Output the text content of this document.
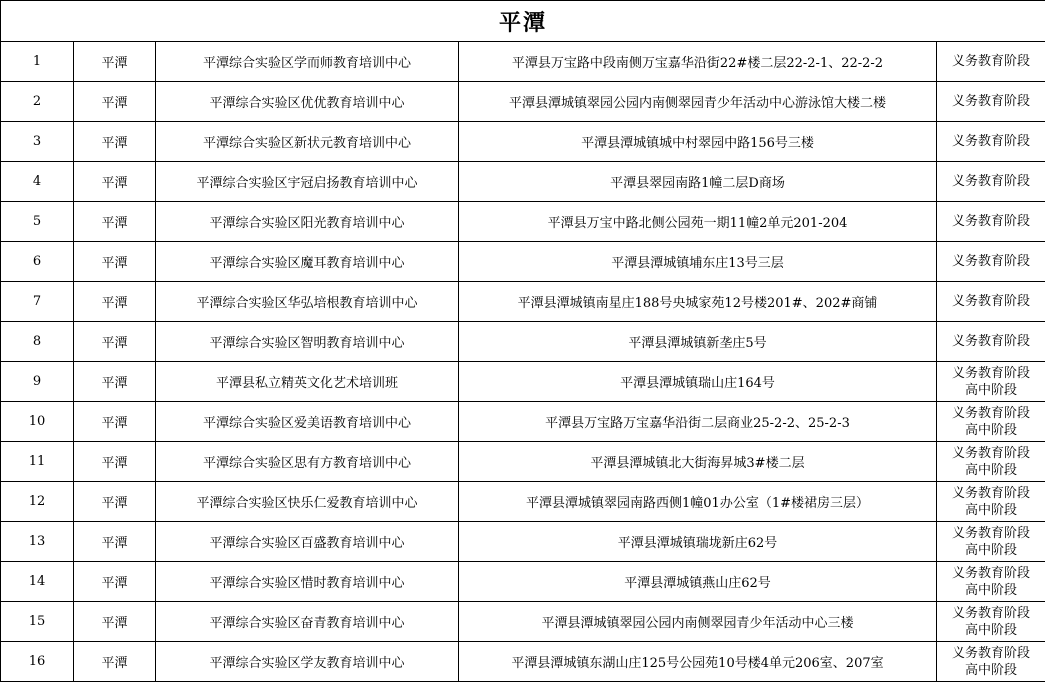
平潭				
1	平潭	平潭综合实验区学而师教育培训中心	平潭县万宝路中段南侧万宝嘉华沿街22#楼二层22-2-1、22-2-2	义务教育阶段

2	平潭	平潭综合实验区优优教育培训中心	平潭县潭城镇翠园公园内南侧翠园青少年活动中心游泳馆大楼二楼	义务教育阶段

3	平潭	平潭综合实验区新状元教育培训中心	平潭县潭城镇城中村翠园中路156号三楼	义务教育阶段

4	平潭	平潭综合实验区宇冠启扬教育培训中心	平潭县翠园南路1幢二层D商场	义务教育阶段

5	平潭	平潭综合实验区阳光教育培训中心	平潭县万宝中路北侧公园苑一期11幢2单元201-204	义务教育阶段

6	平潭	平潭综合实验区魔耳教育培训中心	平潭县潭城镇埔东庄13号三层	义务教育阶段

7	平潭	平潭综合实验区华弘培根教育培训中心	平潭县潭城镇南星庄188号央城家苑12号楼201#、202#商铺	义务教育阶段

8	平潭	平潭综合实验区智明教育培训中心	平潭县潭城镇新垄庄5号	义务教育阶段

9	平潭	平潭县私立精英文化艺术培训班	平潭县潭城镇瑞山庄164号	义务教育阶段
高中阶段

10	平潭	平潭综合实验区爱美语教育培训中心	平潭县万宝路万宝嘉华沿街二层商业25-2-2、25-2-3	义务教育阶段
高中阶段

11	平潭	平潭综合实验区思有方教育培训中心	平潭县潭城镇北大街海昇城3#楼二层	义务教育阶段
高中阶段

12	平潭	平潭综合实验区快乐仁爱教育培训中心	平潭县潭城镇翠园南路西侧1幢01办公室（1#楼裙房三层）	义务教育阶段
高中阶段

13	平潭	平潭综合实验区百盛教育培训中心	平潭县潭城镇瑞垅新庄62号	义务教育阶段
高中阶段

14	平潭	平潭综合实验区惜时教育培训中心	平潭县潭城镇燕山庄62号	义务教育阶段
高中阶段

15	平潭	平潭综合实验区奋青教育培训中心	平潭县潭城镇翠园公园内南侧翠园青少年活动中心三楼	义务教育阶段
高中阶段

16	平潭	平潭综合实验区学友教育培训中心	平潭县潭城镇东湖山庄125号公园苑10号楼4单元206室、207室	义务教育阶段
高中阶段
